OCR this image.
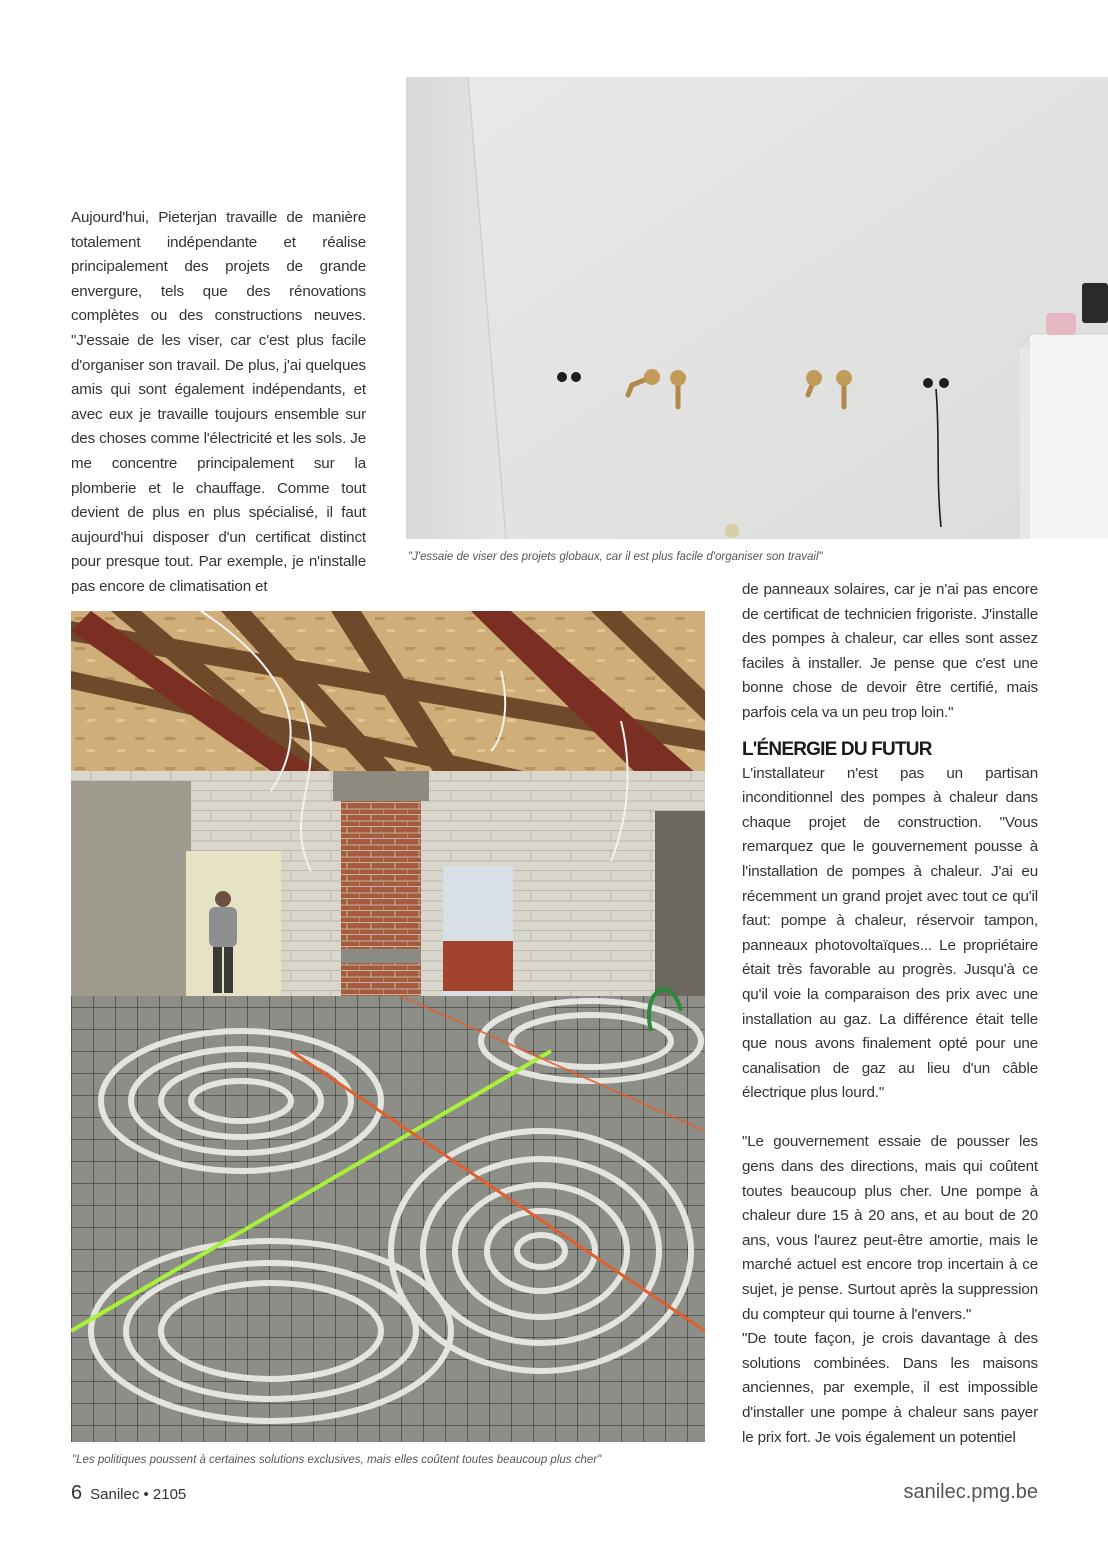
Aujourd'hui, Pieterjan travaille de manière totalement indépendante et réalise principalement des projets de grande envergure, tels que des rénovations complètes ou des constructions neuves. "J'essaie de les viser, car c'est plus facile d'organiser son travail. De plus, j'ai quelques amis qui sont également indépendants, et avec eux je travaille toujours ensemble sur des choses comme l'électricité et les sols. Je me concentre principalement sur la plomberie et le chauffage. Comme tout devient de plus en plus spécialisé, il faut aujourd'hui disposer d'un certificat distinct pour presque tout. Par exemple, je n'installe pas encore de climatisation et
"J'essaie de viser des projets globaux, car il est plus facile d'organiser son travail"
"Les politiques poussent à certaines solutions exclusives, mais elles coûtent toutes beaucoup plus cher"

de panneaux solaires, car je n'ai pas encore de certificat de technicien frigoriste. J'installe des pompes à chaleur, car elles sont assez faciles à installer. Je pense que c'est une bonne chose de devoir être certifié, mais parfois cela va un peu trop loin."

L'ÉNERGIE DU FUTUR

L'installateur n'est pas un partisan inconditionnel des pompes à chaleur dans chaque projet de construction. "Vous remarquez que le gouvernement pousse à l'installation de pompes à chaleur. J'ai eu récemment un grand projet avec tout ce qu'il faut: pompe à chaleur, réservoir tampon, panneaux photovoltaïques... Le propriétaire était très favorable au progrès. Jusqu'à ce qu'il voie la comparaison des prix avec une installation au gaz. La différence était telle que nous avons finalement opté pour une canalisation de gaz au lieu d'un câble électrique plus lourd."

"Le gouvernement essaie de pousser les gens dans des directions, mais qui coûtent toutes beaucoup plus cher. Une pompe à chaleur dure 15 à 20 ans, et au bout de 20 ans, vous l'aurez peut-être amortie, mais le marché actuel est encore trop incertain à ce sujet, je pense. Surtout après la suppression du compteur qui tourne à l'envers."

"De toute façon, je crois davantage à des solutions combinées. Dans les maisons anciennes, par exemple, il est impossible d'installer une pompe à chaleur sans payer le prix fort. Je vois également un potentiel

6 Sanilec • 2105	sanilec.pmg.be
